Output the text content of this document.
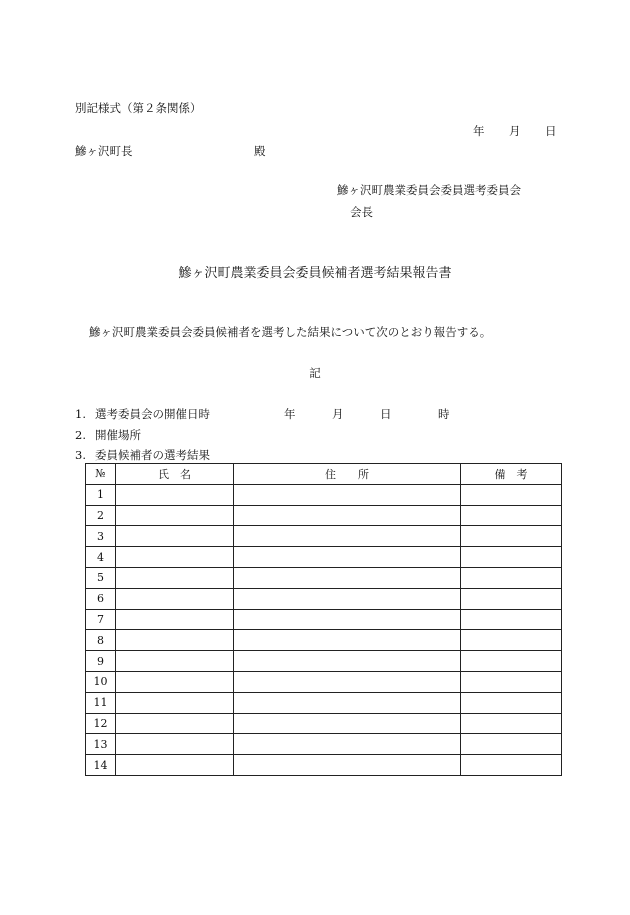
別記様式（第２条関係）
年 月 日
鰺ヶ沢町長	殿
鰺ヶ沢町農業委員会委員選考委員会
会長
鰺ヶ沢町農業委員会委員候補者選考結果報告書
鰺ヶ沢町農業委員会委員候補者を選考した結果について次のとおり報告する。
記
1. 選考委員会の開催日時	年	月	日	時
2. 開催場所
3. 委員候補者の選考結果
№	氏　名	住　　所	備　考
1			
2			
3			
4			
5			
6			
7			
8			
9			
10			
11			
12			
13			
14			
